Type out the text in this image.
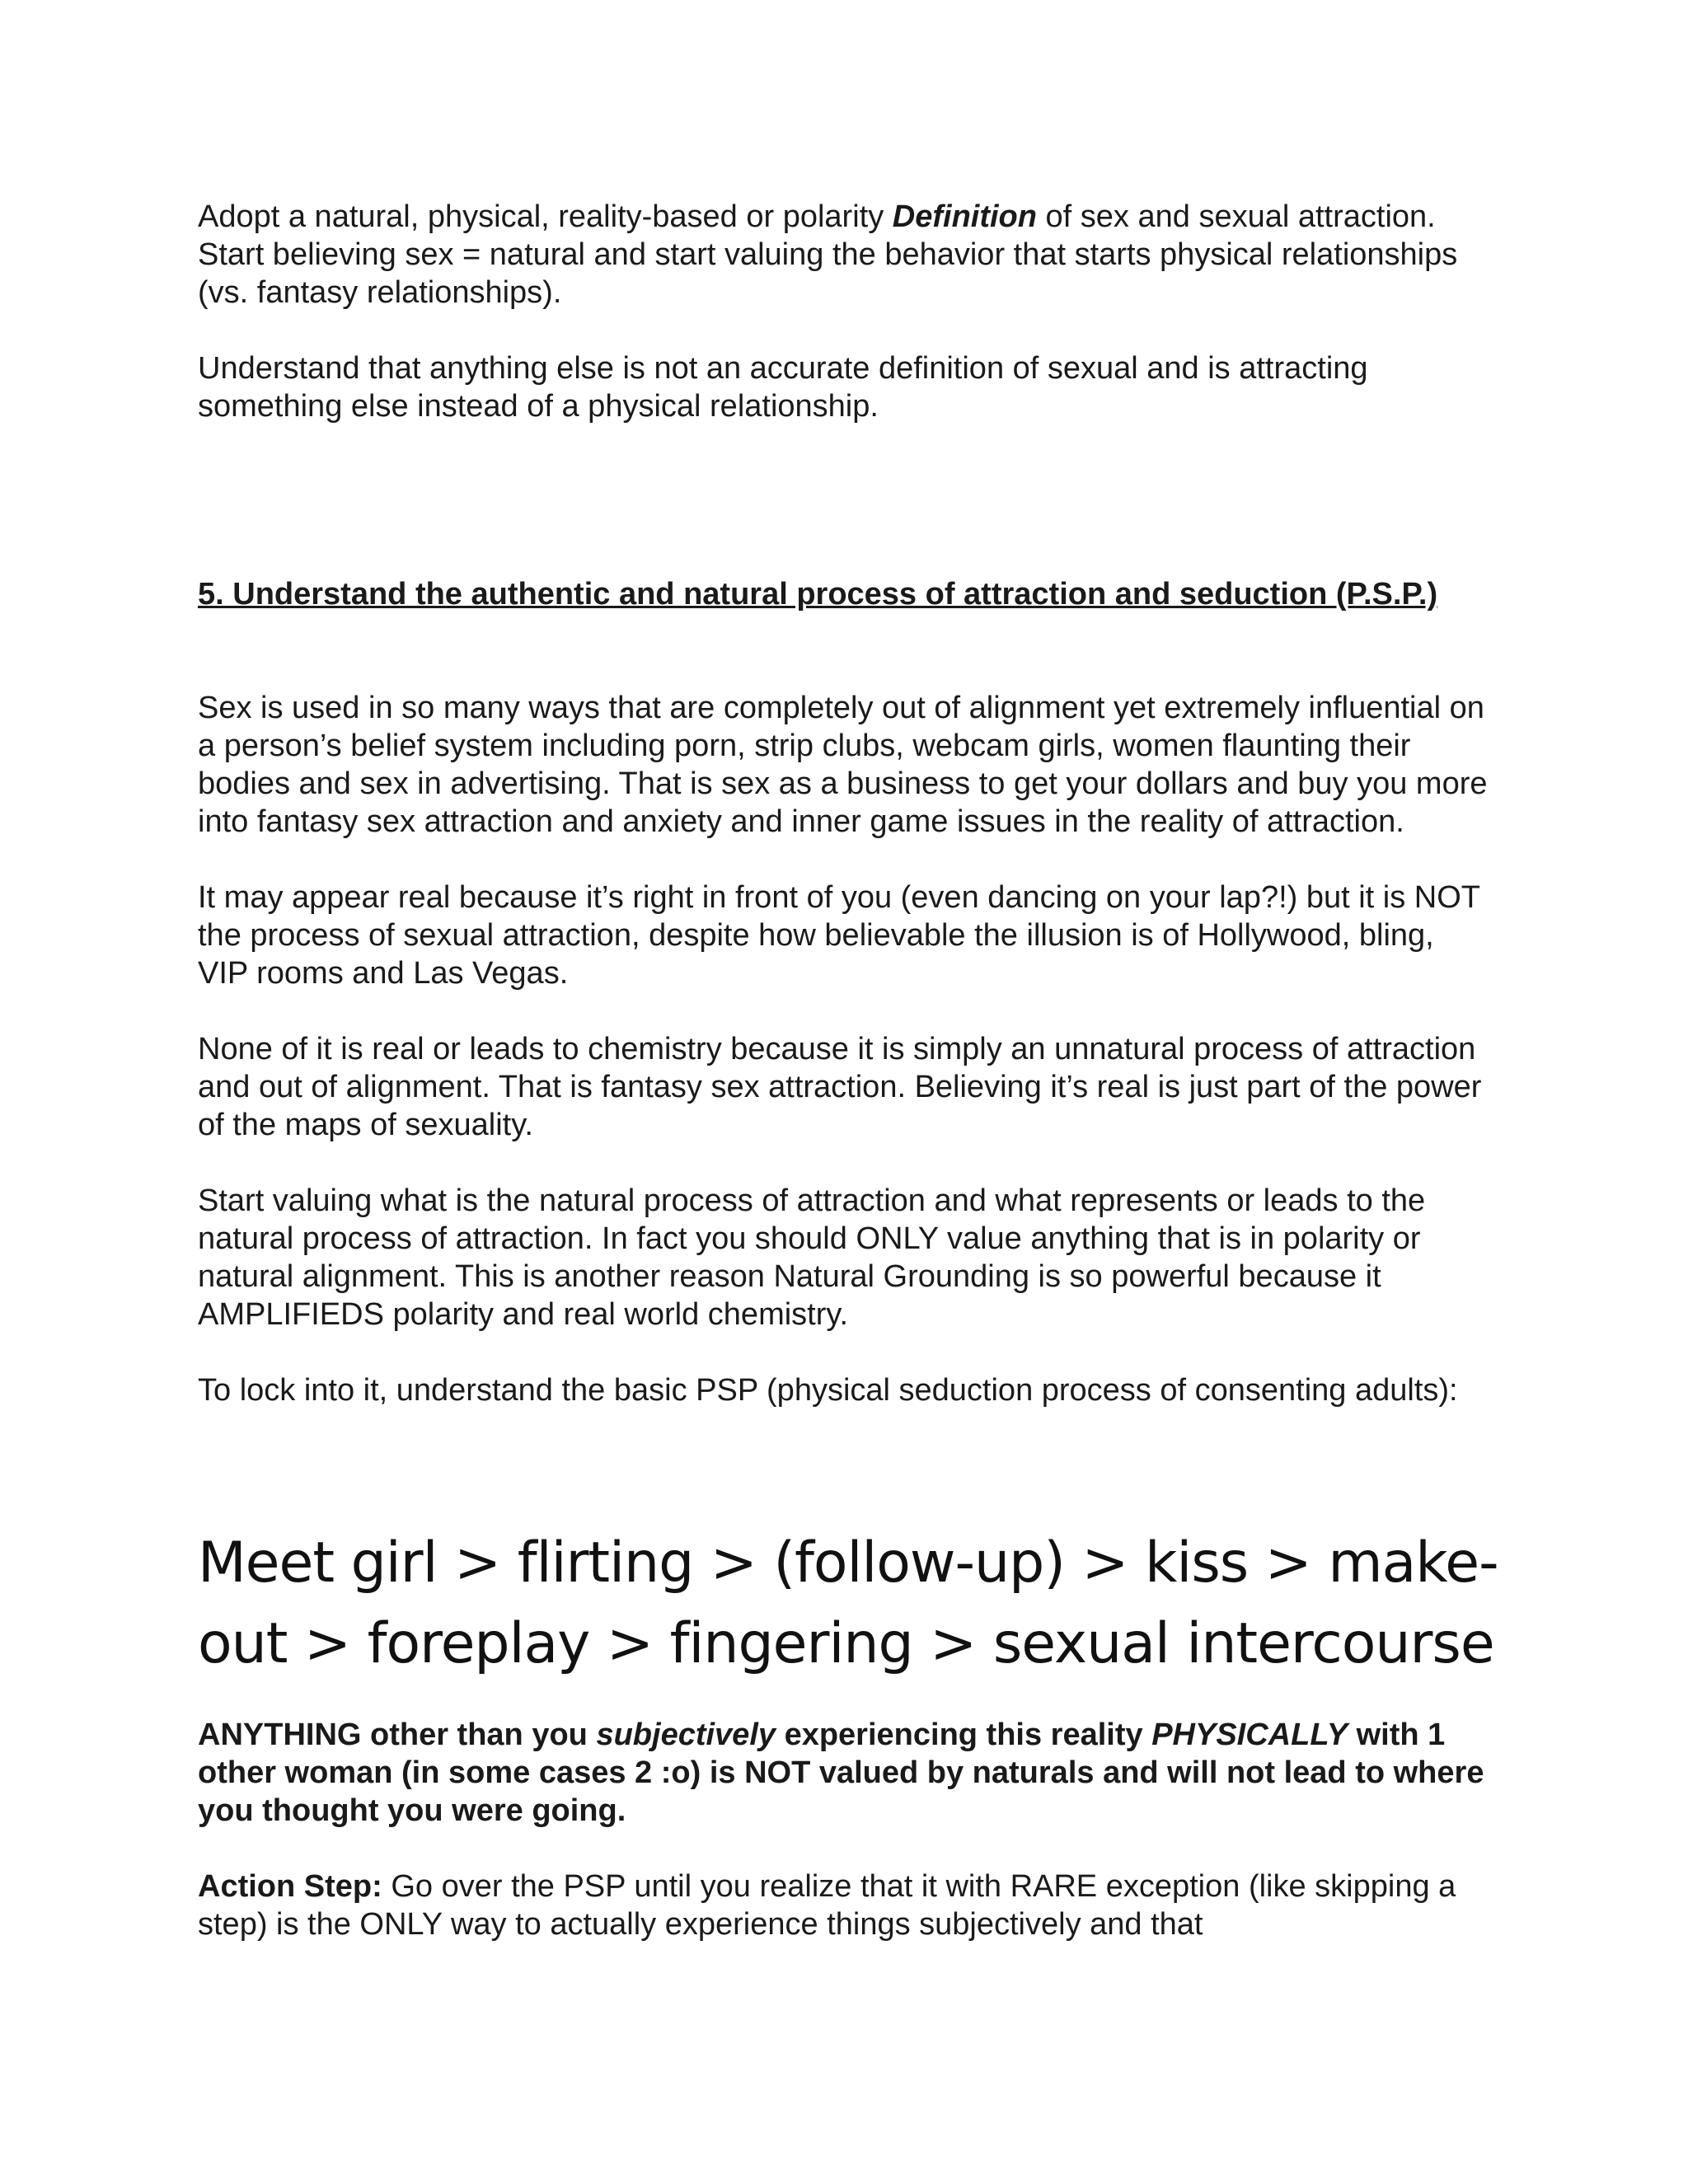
Adopt a natural, physical, reality-based or polarity Definition of sex and sexual attraction. Start believing sex = natural and start valuing the behavior that starts physical relationships (vs. fantasy relationships).

Understand that anything else is not an accurate definition of sexual and is attracting something else instead of a physical relationship.

5. Understand the authentic and natural process of attraction and seduction (P.S.P.)

Sex is used in so many ways that are completely out of alignment yet extremely influential on a person’s belief system including porn, strip clubs, webcam girls, women flaunting their bodies and sex in advertising. That is sex as a business to get your dollars and buy you more into fantasy sex attraction and anxiety and inner game issues in the reality of attraction.

It may appear real because it’s right in front of you (even dancing on your lap?!) but it is NOT the process of sexual attraction, despite how believable the illusion is of Hollywood, bling, VIP rooms and Las Vegas.

None of it is real or leads to chemistry because it is simply an unnatural process of attraction and out of alignment. That is fantasy sex attraction. Believing it’s real is just part of the power of the maps of sexuality.

Start valuing what is the natural process of attraction and what represents or leads to the natural process of attraction. In fact you should ONLY value anything that is in polarity or natural alignment. This is another reason Natural Grounding is so powerful because it AMPLIFIEDS polarity and real world chemistry.

To lock into it, understand the basic PSP (physical seduction process of consenting adults):

Meet girl > flirting > (follow-up) > kiss > make-
out > foreplay > fingering > sexual intercourse

ANYTHING other than you subjectively experiencing this reality PHYSICALLY with 1 other woman (in some cases 2 :o) is NOT valued by naturals and will not lead to where you thought you were going.

Action Step: Go over the PSP until you realize that it with RARE exception (like skipping a step) is the ONLY way to actually experience things subjectively and that
